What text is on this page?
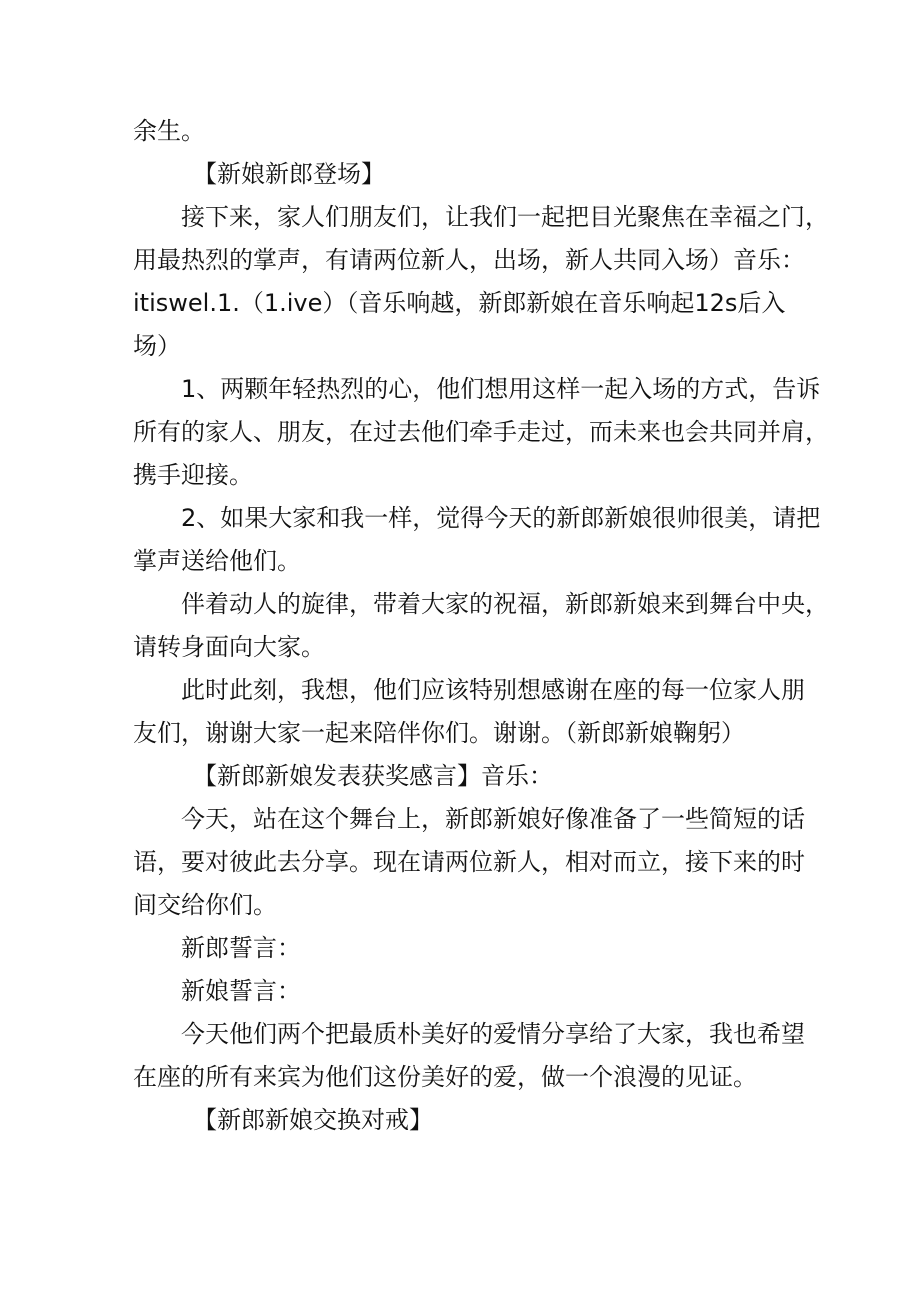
余生。

【新娘新郎登场】

接下来，家人们朋友们，让我们一起把目光聚焦在幸福之门，
用最热烈的掌声，有请两位新人，出场，新人共同入场）音乐：
itiswel.1.（1.ive）（音乐响越，新郎新娘在音乐响起12s后入
场）

1、两颗年轻热烈的心，他们想用这样一起入场的方式，告诉
所有的家人、朋友，在过去他们牵手走过，而未来也会共同并肩，
携手迎接。

2、如果大家和我一样，觉得今天的新郎新娘很帅很美，请把
掌声送给他们。

伴着动人的旋律，带着大家的祝福，新郎新娘来到舞台中央，
请转身面向大家。

此时此刻，我想，他们应该特别想感谢在座的每一位家人朋
友们，谢谢大家一起来陪伴你们。谢谢。（新郎新娘鞠躬）

【新郎新娘发表获奖感言】音乐：

今天，站在这个舞台上，新郎新娘好像准备了一些简短的话
语，要对彼此去分享。现在请两位新人，相对而立，接下来的时
间交给你们。

新郎誓言：

新娘誓言：

今天他们两个把最质朴美好的爱情分享给了大家，我也希望
在座的所有来宾为他们这份美好的爱，做一个浪漫的见证。

【新郎新娘交换对戒】
